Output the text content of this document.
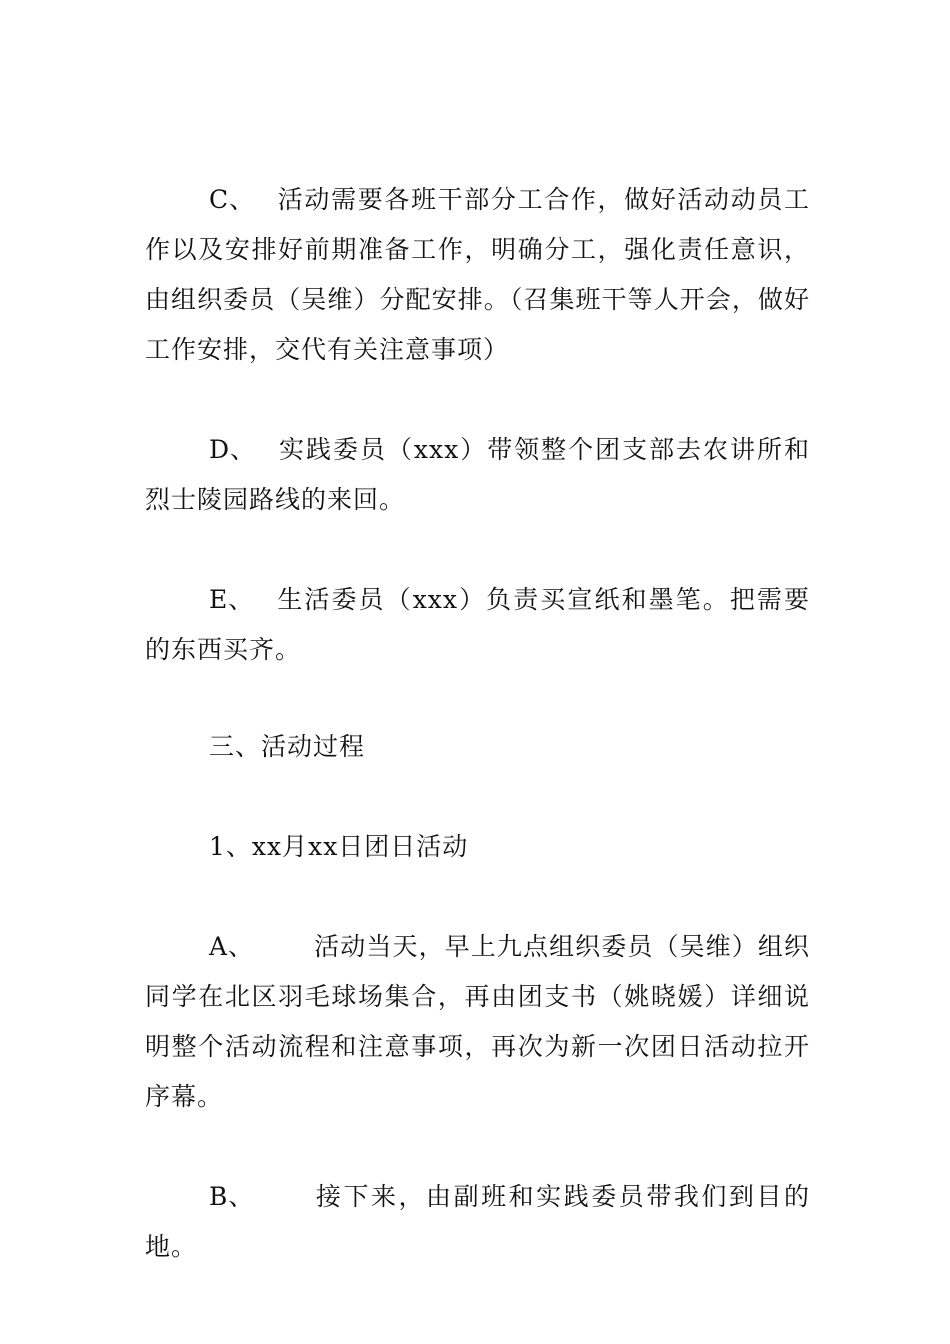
C、 活动需要各班干部分工合作，做好活动动员工作以及安排好前期准备工作，明确分工，强化责任意识，由组织委员（吴维）分配安排。（召集班干等人开会，做好工作安排，交代有关注意事项）

D、 实践委员（xxx）带领整个团支部去农讲所和烈士陵园路线的来回。

E、 生活委员（xxx）负责买宣纸和墨笔。把需要的东西买齐。

三、活动过程

1、xx月xx日团日活动

A、 活动当天，早上九点组织委员（吴维）组织同学在北区羽毛球场集合，再由团支书（姚晓媛）详细说明整个活动流程和注意事项，再次为新一次团日活动拉开序幕。

B、 接下来，由副班和实践委员带我们到目的地。
